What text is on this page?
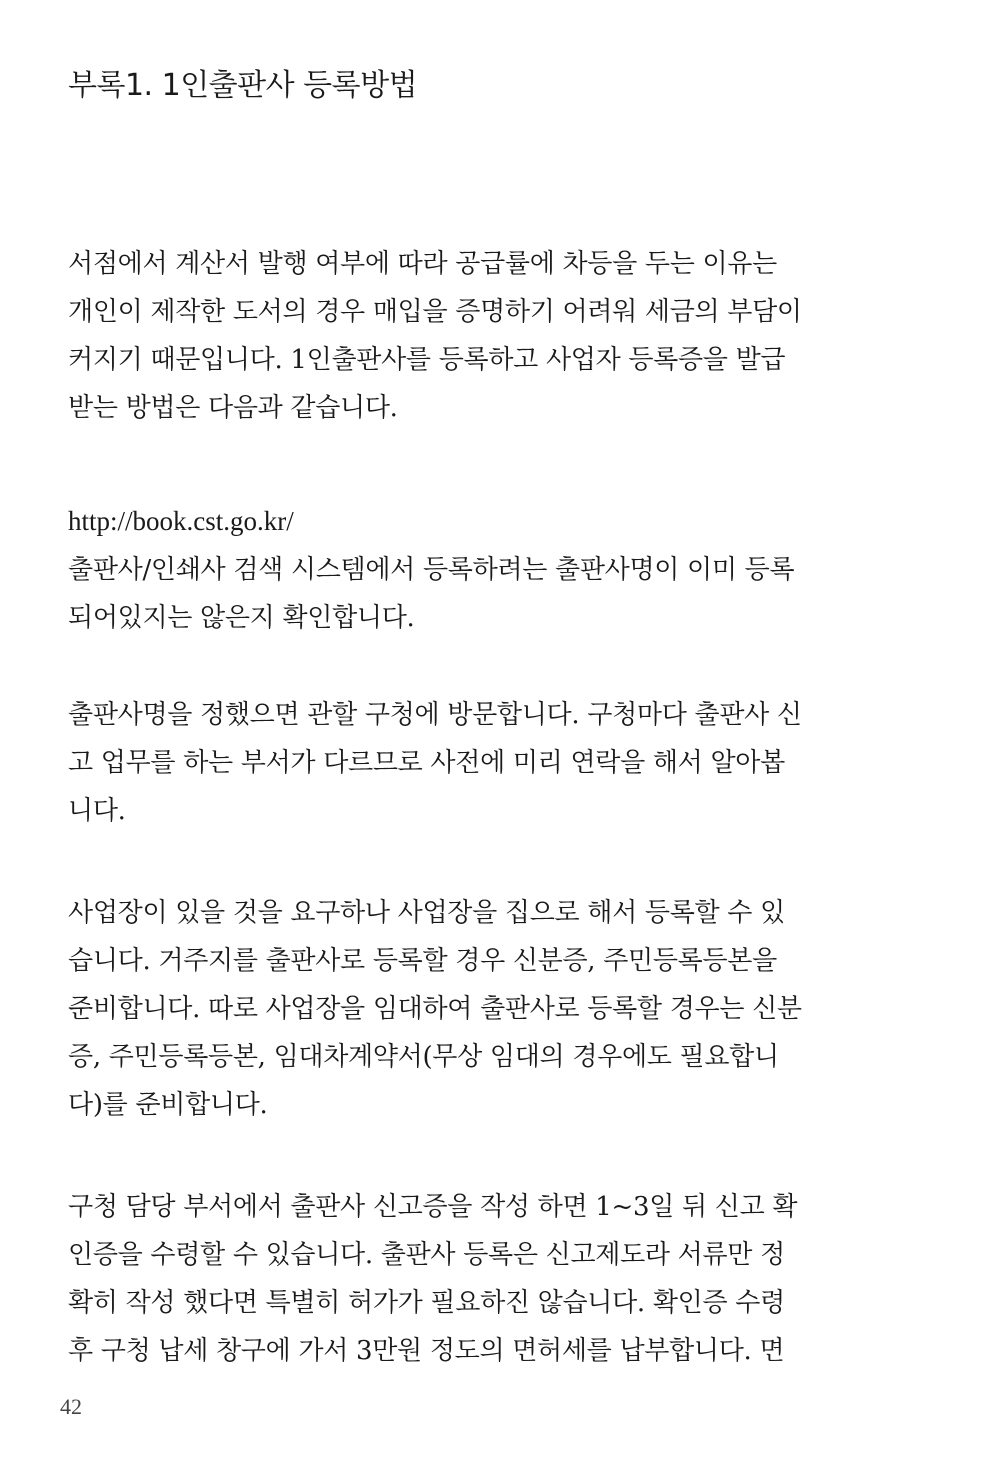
부록1. 1인출판사 등록방법
서점에서 계산서 발행 여부에 따라 공급률에 차등을 두는 이유는
개인이 제작한 도서의 경우 매입을 증명하기 어려워 세금의 부담이
커지기 때문입니다. 1인출판사를 등록하고 사업자 등록증을 발급
받는 방법은 다음과 같습니다.
http://book.cst.go.kr/
출판사/인쇄사 검색 시스템에서 등록하려는 출판사명이 이미 등록
되어있지는 않은지 확인합니다.
출판사명을 정했으면 관할 구청에 방문합니다. 구청마다 출판사 신
고 업무를 하는 부서가 다르므로 사전에 미리 연락을 해서 알아봅
니다.
사업장이 있을 것을 요구하나 사업장을 집으로 해서 등록할 수 있
습니다. 거주지를 출판사로 등록할 경우 신분증, 주민등록등본을
준비합니다. 따로 사업장을 임대하여 출판사로 등록할 경우는 신분
증, 주민등록등본, 임대차계약서(무상 임대의 경우에도 필요합니
다)를 준비합니다.
구청 담당 부서에서 출판사 신고증을 작성 하면 1~3일 뒤 신고 확
인증을 수령할 수 있습니다. 출판사 등록은 신고제도라 서류만 정
확히 작성 했다면 특별히 허가가 필요하진 않습니다. 확인증 수령
후 구청 납세 창구에 가서 3만원 정도의 면허세를 납부합니다. 면
42
